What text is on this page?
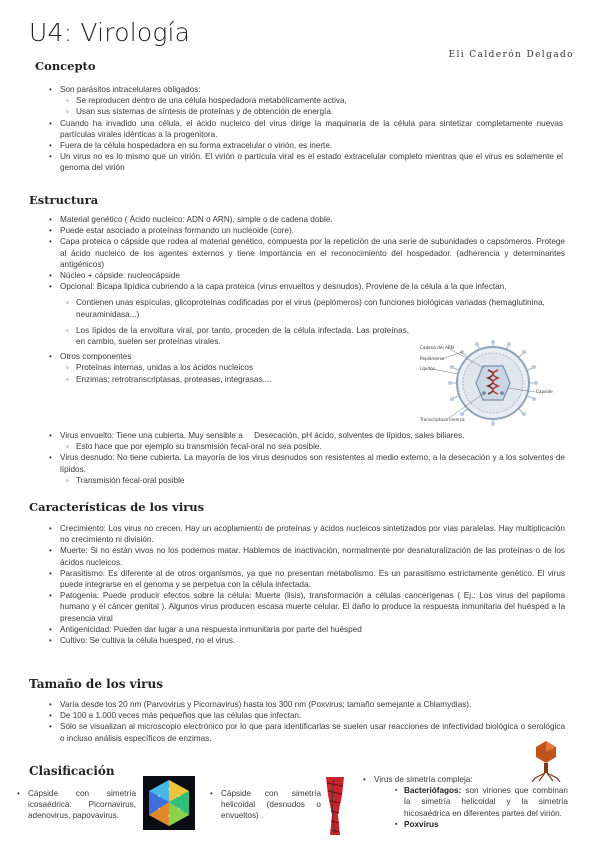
U4: Virología
Eli Calderón Delgado
Concepto
• Son parásitos intracelulares obligados:
◦ Se reproducen dentro de una célula hospedadora metabólicamente activa,
◦ Usan sus sistemas de síntesis de proteínas y de obtención de energía.
• Cuando ha invadido una célula, el ácido nucleico del virus dirige la maquinaria de la célula para sintetizar completamente nuevas partículas virales idénticas a la progenitora.
• Fuera de la célula hospedadora en su forma extracelular o virión, es inerte.
• Un virus no es lo mismo que un virión. El virión o partícula viral es el estado extracelular completo mientras que el virus es solamente el genoma del virión
Estructura
• Material genético ( Ácido nucleico: ADN o ARN), simple o de cadena doble.
• Puede estar asociado a proteínas formando un nucleoide (core).
• Capa proteica o cápside que rodea al material genético, compuesta por la repetición de una serie de subunidades o capsómeros. Protege al ácido nucleico de los agentes externos y tiene importancia en el reconocimiento del hospedador. (adherencia y determinantes antigénicos)
• Núcleo + cápside: nucleocápside
• Opcional: Bicapa lipídica cubriendo a la capa proteica (virus envueltos y desnudos). Proviene de la célula a la que infectan.
◦ Contienen unas espículas, glicoproteínas codificadas por el virus (peplómeros) con funciones biológicas variadas (hemaglutinina, neuraminidasa...)
◦ Los lípidos de la envoltura viral, por tanto, proceden de la célula infectada. Las proteínas, en cambio, suelen ser proteínas virales.
• Otros componentes
◦ Proteínas internas, unidas a los ácidos nucleicos
◦ Enzimas; retrotranscriptasas, proteasas, integrasas....
• Virus envuelto: Tiene una cubierta. Muy sensible a     Desecación, pH ácido, solventes de lípidos, sales biliares.
◦ Esto hace que por ejemplo su transmisión fecal-oral no sea posible.
• Virus desnudo: No tiene cubierta. La mayoría de los virus desnudos son resistentes al medio externo, a la desecación y a los solventes de lípidos.
◦ Transmisión fecal-oral posible
Cadena del ARN
Peplómeros
Lípidos
Cápside
Transcriptasa inversa
Características de los virus
• Crecimiento: Los virus no crecen. Hay un acoplamiento de proteínas y ácidos nucleicos sintetizados por vías paralelas. Hay multiplicación no crecimiento ni división.
• Muerte: Si no están vivos no los podemos matar. Hablemos de inactivación, normalmente por desnaturalización de las proteínas o de los ácidos nucleicos.
• Parasitismo: Es diferente al de otros organismos, ya que no presentan metabolismo. Es un parasitismo estrictamente genético. El virus puede integrarse en el genoma y se perpetua con la célula infectada.
• Patogenia: Puede producir efectos sobre la célula: Muerte (lisis), transformación a células cancerígenas ( Ej.: Los virus del papiloma humano y el cáncer genital ). Algunos virus producen escasa muerte celular. El daño lo produce la respuesta inmunitaria del huésped a la presencia viral
• Antigenicidad: Pueden dar lugar a una respuesta inmunitaria por parte del huésped
• Cultivo: Se cultiva la célula huesped, no el virus.
Tamaño de los virus
• Varía desde los 20 nm (Parvovirus y Picornavirus) hasta los 300 nm (Poxvirus; tamaño semejante a Chlamydias).
• De 100 a 1.000 veces más pequeños que las células que infectan.
• Sólo se visualizan al microscopio electrónico por lo que para identificarlas se suelen usar reacciones de infectividad biológica o serológica o incluso análisis específicos de enzimas.
Clasificación
• Cápside con simetría icosaédrica: Picornavirus, adenovirus, papovavirus.
• Cápside con simetría helicoidal (desnudos o envueltos) .
• Virus de simetría compleja:
▪ Bacteriófagos: son viriones que combinan la simetría helicoidal y la simetría hicosaédrica en diferentes partes del virión.
▪ Poxvirus
